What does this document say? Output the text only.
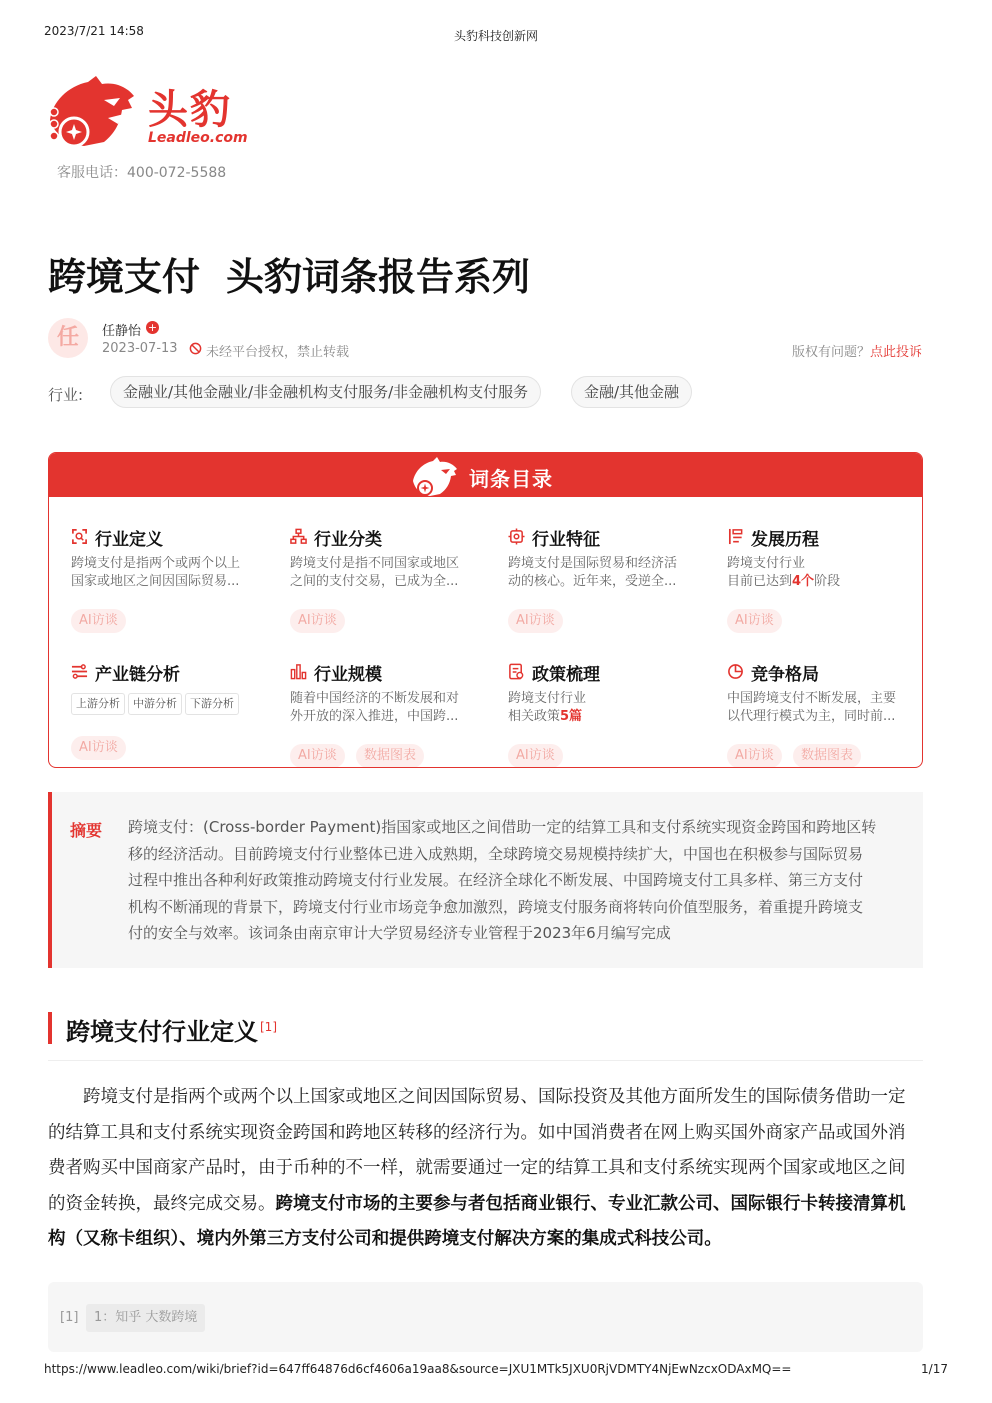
2023/7/21 14:58	头豹科技创新网
头豹
Leadleo.com
客服电话：400-072-5588
跨境支付 头豹词条报告系列
任	任静怡 +
2023-07-13 未经平台授权，禁止转载	版权有问题？点此投诉
行业:	金融业/其他金融业/非金融机构支付服务/非金融机构支付服务	金融/其他金融
词条目录
行业定义
跨境支付是指两个或两个以上
国家或地区之间因国际贸易...
AI访谈
行业分类
跨境支付是指不同国家或地区
之间的支付交易，已成为全...
AI访谈
行业特征
跨境支付是国际贸易和经济活
动的核心。近年来，受逆全...
AI访谈
发展历程
跨境支付行业
目前已达到4个阶段
AI访谈
产业链分析
上游分析	中游分析	下游分析
AI访谈
行业规模
随着中国经济的不断发展和对
外开放的深入推进，中国跨...
AI访谈	数据图表
政策梳理
跨境支付行业
相关政策5篇
AI访谈
竞争格局
中国跨境支付不断发展，主要
以代理行模式为主，同时前...
AI访谈	数据图表
摘要 跨境支付：(Cross-border Payment)指国家或地区之间借助一定的结算工具和支付系统实现资金跨国和跨地区转
移的经济活动。目前跨境支付行业整体已进入成熟期，全球跨境交易规模持续扩大，中国也在积极参与国际贸易
过程中推出各种利好政策推动跨境支付行业发展。在经济全球化不断发展、中国跨境支付工具多样、第三方支付
机构不断涌现的背景下，跨境支付行业市场竞争愈加激烈，跨境支付服务商将转向价值型服务，着重提升跨境支
付的安全与效率。该词条由南京审计大学贸易经济专业管程于2023年6月编写完成
跨境支付行业定义 [1]
　　跨境支付是指两个或两个以上国家或地区之间因国际贸易、国际投资及其他方面所发生的国际债务借助一定
的结算工具和支付系统实现资金跨国和跨地区转移的经济行为。如中国消费者在网上购买国外商家产品或国外消
费者购买中国商家产品时，由于币种的不一样，就需要通过一定的结算工具和支付系统实现两个国家或地区之间
的资金转换，最终完成交易。跨境支付市场的主要参与者包括商业银行、专业汇款公司、国际银行卡转接清算机
构（又称卡组织）、境内外第三方支付公司和提供跨境支付解决方案的集成式科技公司。
[1]	1：知乎 大数跨境
https://www.leadleo.com/wiki/brief?id=647ff64876d6cf4606a19aa8&source=JXU1MTk5JXU0RjVDMTY4NjEwNzcxODAxMQ==	1/17
